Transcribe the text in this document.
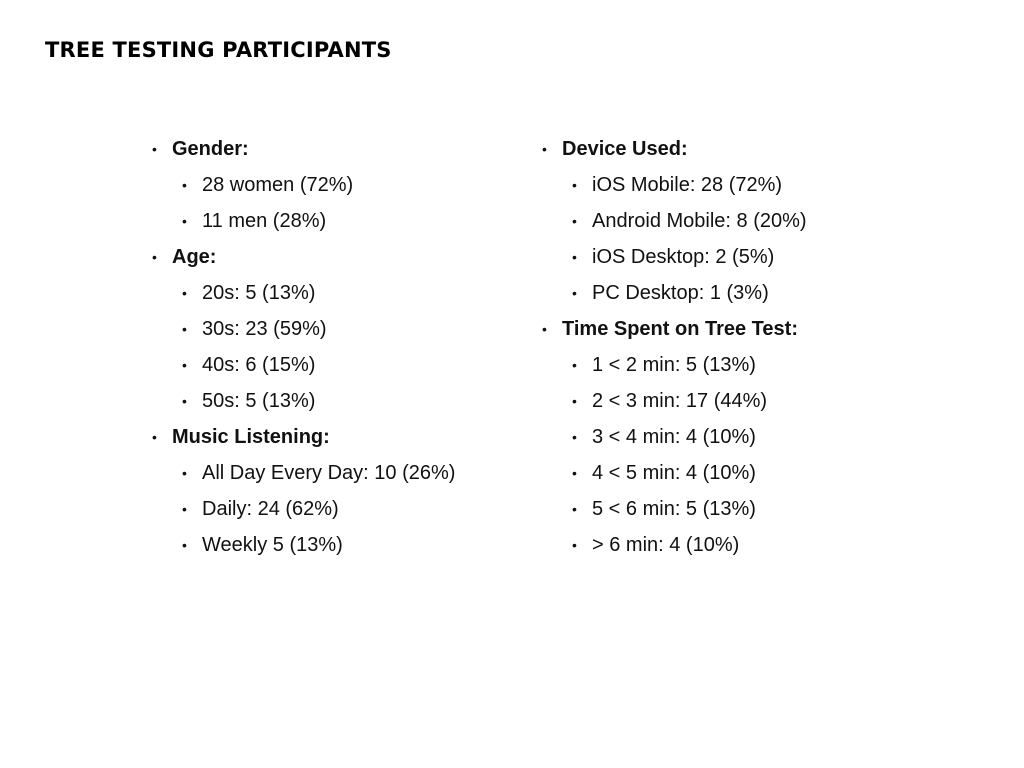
TREE TESTING PARTICIPANTS
• Gender:
• 28 women (72%)
• 11 men (28%)
• Age:
• 20s: 5 (13%)
• 30s: 23 (59%)
• 40s: 6 (15%)
• 50s: 5 (13%)
• Music Listening:
• All Day Every Day: 10 (26%)
• Daily: 24 (62%)
• Weekly 5 (13%)
• Device Used:
• iOS Mobile: 28 (72%)
• Android Mobile: 8 (20%)
• iOS Desktop: 2 (5%)
• PC Desktop: 1 (3%)
• Time Spent on Tree Test:
• 1 < 2 min: 5 (13%)
• 2 < 3 min: 17 (44%)
• 3 < 4 min: 4 (10%)
• 4 < 5 min: 4 (10%)
• 5 < 6 min: 5 (13%)
• > 6 min: 4 (10%)
